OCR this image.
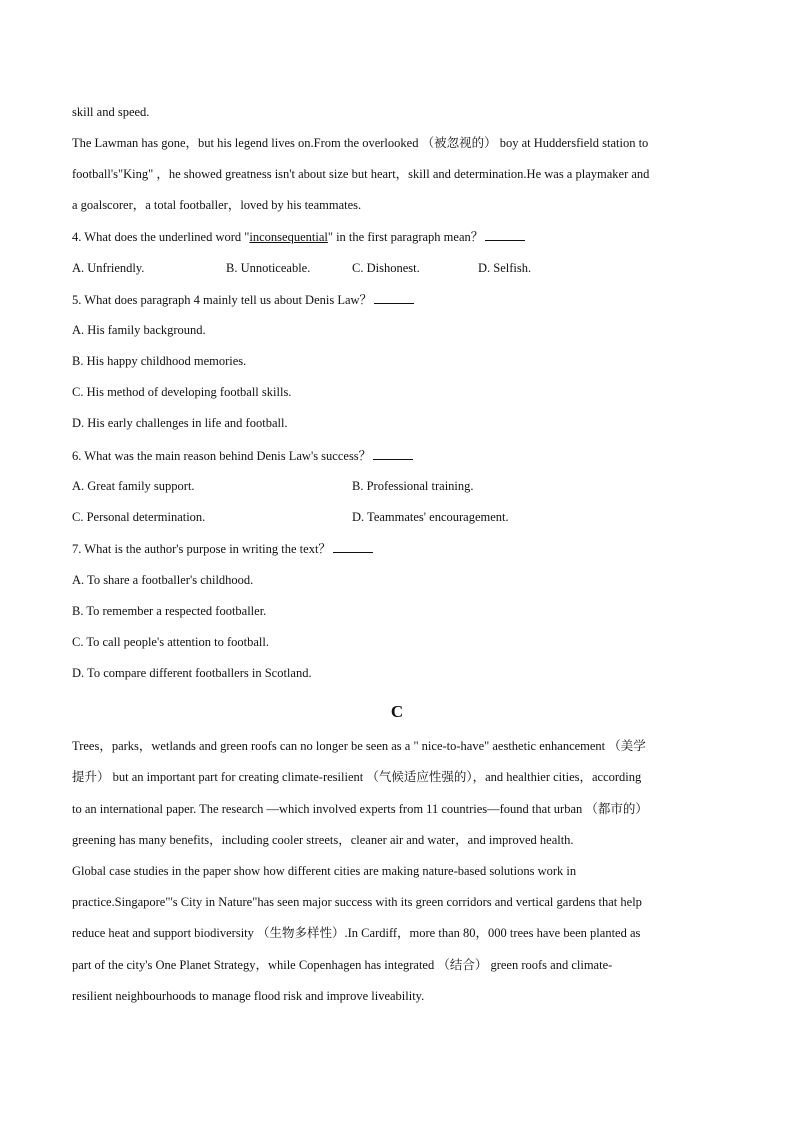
skill and speed.
The Lawman has gone，but his legend lives on.From the overlooked （被忽视的） boy at Huddersfield station to
football's"King" ，he showed greatness isn't about size but heart，skill and determination.He was a playmaker and
a goalscorer，a total footballer，loved by his teammates.
4. What does the underlined word "inconsequential" in the first paragraph mean？
A. Unfriendly.	B. Unnoticeable.	C. Dishonest.	D. Selfish.
5. What does paragraph 4 mainly tell us about Denis Law？
A. His family background.
B. His happy childhood memories.
C. His method of developing football skills.
D. His early challenges in life and football.
6. What was the main reason behind Denis Law's success？
A. Great family support.	B. Professional training.
C. Personal determination.	D. Teammates' encouragement.
7. What is the author's purpose in writing the text？
A. To share a footballer's childhood.
B. To remember a respected footballer.
C. To call people's attention to football.
D. To compare different footballers in Scotland.
C
Trees，parks，wetlands and green roofs can no longer be seen as a " nice-to-have" aesthetic enhancement （美学
提升） but an important part for creating climate-resilient （气候适应性强的），and healthier cities，according
to an international paper. The research —which involved experts from 11 countries—found that urban （都市的）
greening has many benefits，including cooler streets，cleaner air and water，and improved health.
Global case studies in the paper show how different cities are making nature-based solutions work in
practice.Singapore"'s City in Nature"has seen major success with its green corridors and vertical gardens that help
reduce heat and support biodiversity （生物多样性）.In Cardiff，more than 80，000 trees have been planted as
part of the city's One Planet Strategy，while Copenhagen has integrated （结合） green roofs and climate-
resilient neighbourhoods to manage flood risk and improve liveability.
